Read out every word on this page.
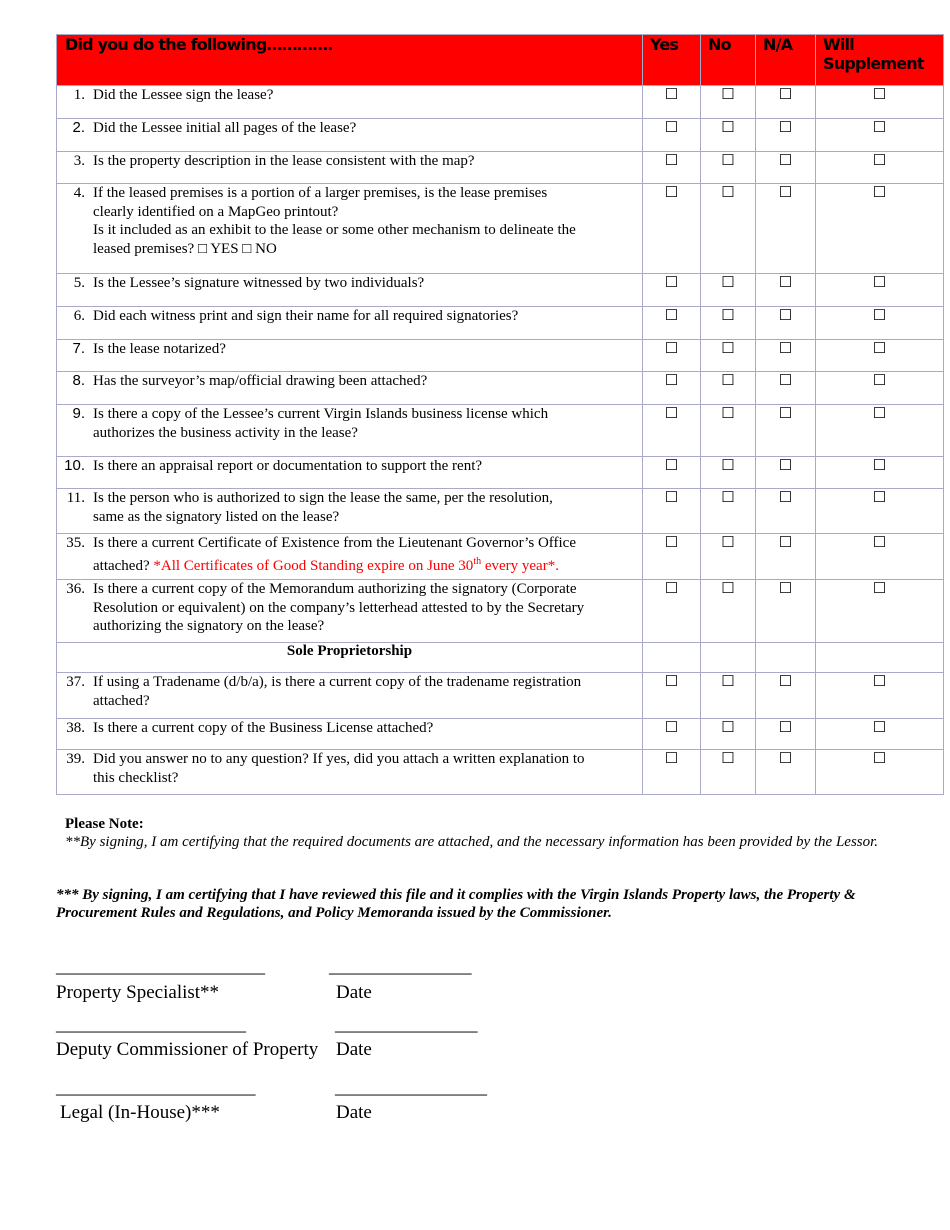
Did you do the following………….	Yes	No	N/A	Will
Supplement

1. Did the Lessee sign the lease?	☐	☐	☐	☐

2. Did the Lessee initial all pages of the lease?	☐	☐	☐	☐

3. Is the property description in the lease consistent with the map?	☐	☐	☐	☐

4. If the leased premises is a portion of a larger premises, is the lease premises
clearly identified on a MapGeo printout?
Is it included as an exhibit to the lease or some other mechanism to delineate the
leased premises? □ YES □ NO	☐	☐	☐	☐

5. Is the Lessee’s signature witnessed by two individuals?	☐	☐	☐	☐

6. Did each witness print and sign their name for all required signatories?	☐	☐	☐	☐

7. Is the lease notarized?	☐	☐	☐	☐

8. Has the surveyor’s map/official drawing been attached?	☐	☐	☐	☐

9. Is there a copy of the Lessee’s current Virgin Islands business license which
authorizes the business activity in the lease?	☐	☐	☐	☐

10. Is there an appraisal report or documentation to support the rent?	☐	☐	☐	☐

11. Is the person who is authorized to sign the lease the same, per the resolution,
same as the signatory listed on the lease?	☐	☐	☐	☐

35. Is there a current Certificate of Existence from the Lieutenant Governor’s Office
attached? *All Certificates of Good Standing expire on June 30th every year*.	☐	☐	☐	☐

36. Is there a current copy of the Memorandum authorizing the signatory (Corporate
Resolution or equivalent) on the company’s letterhead attested to by the Secretary
authorizing the signatory on the lease?	☐	☐	☐	☐
Sole Proprietorship				

37. If using a Tradename (d/b/a), is there a current copy of the tradename registration
attached?	☐	☐	☐	☐

38. Is there a current copy of the Business License attached?	☐	☐	☐	☐

39. Did you answer no to any question? If yes, did you attach a written explanation to
this checklist?	☐	☐	☐	☐
Please Note:
**By signing, I am certifying that the required documents are attached, and the necessary information has been provided by the Lessor.
*** By signing, I am certifying that I have reviewed this file and it complies with the Virgin Islands Property laws, the Property & Procurement Rules and Regulations, and Policy Memoranda issued by the Commissioner.
______________________	_______________
Property Specialist**	Date
____________________	_______________
Deputy Commissioner of Property Date
_____________________	________________
Legal (In-House)***	Date
